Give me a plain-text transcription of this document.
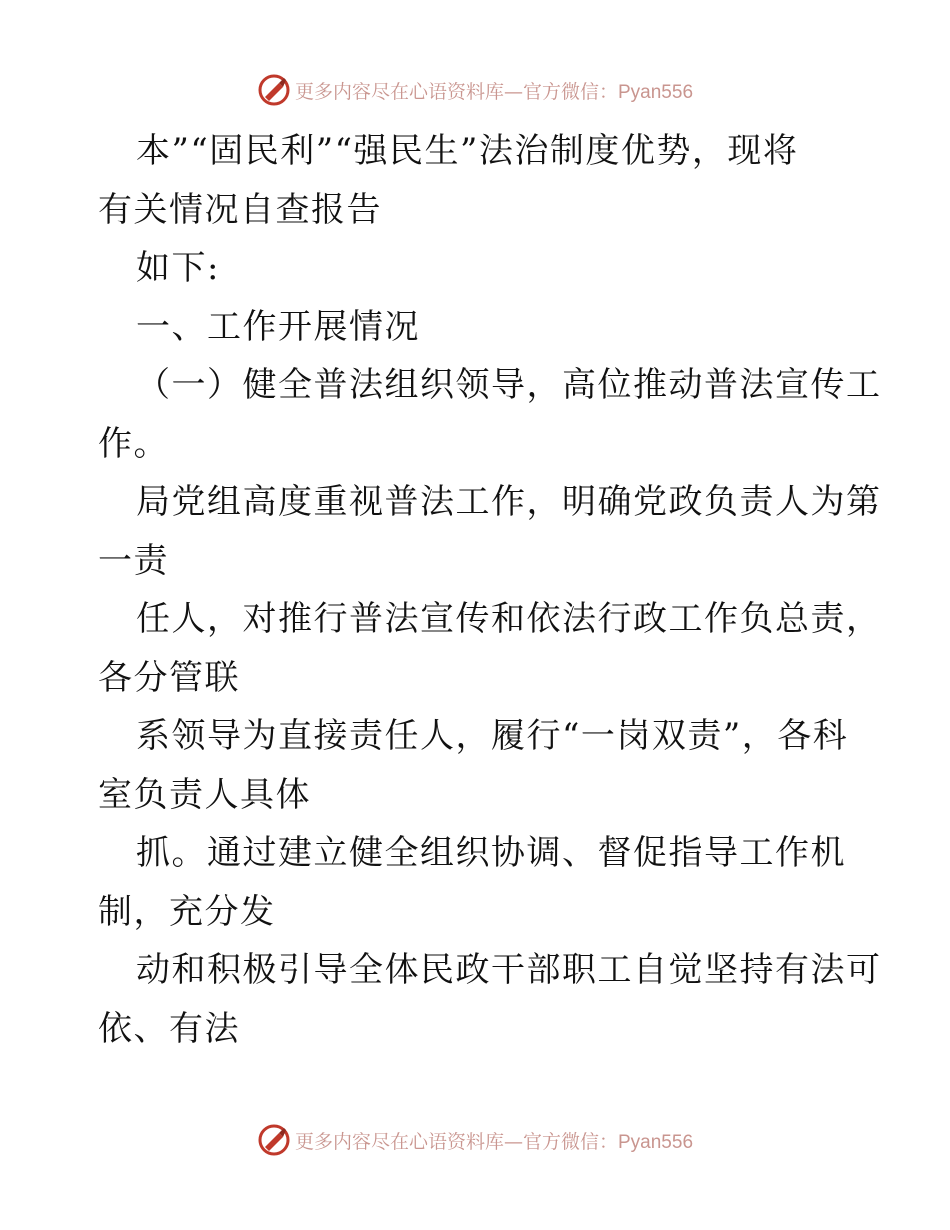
更多内容尽在心语资料库—官方微信：Pyan556
本”“固民利”“强民生”法治制度优势，现将
有关情况自查报告
如下:
一、工作开展情况
（一）健全普法组织领导，高位推动普法宣传工
作。
局党组高度重视普法工作，明确党政负责人为第
一责
任人，对推行普法宣传和依法行政工作负总责，
各分管联
系领导为直接责任人，履行“一岗双责”，各科
室负责人具体
抓。通过建立健全组织协调、督促指导工作机
制，充分发
动和积极引导全体民政干部职工自觉坚持有法可
依、有法
更多内容尽在心语资料库—官方微信：Pyan556
